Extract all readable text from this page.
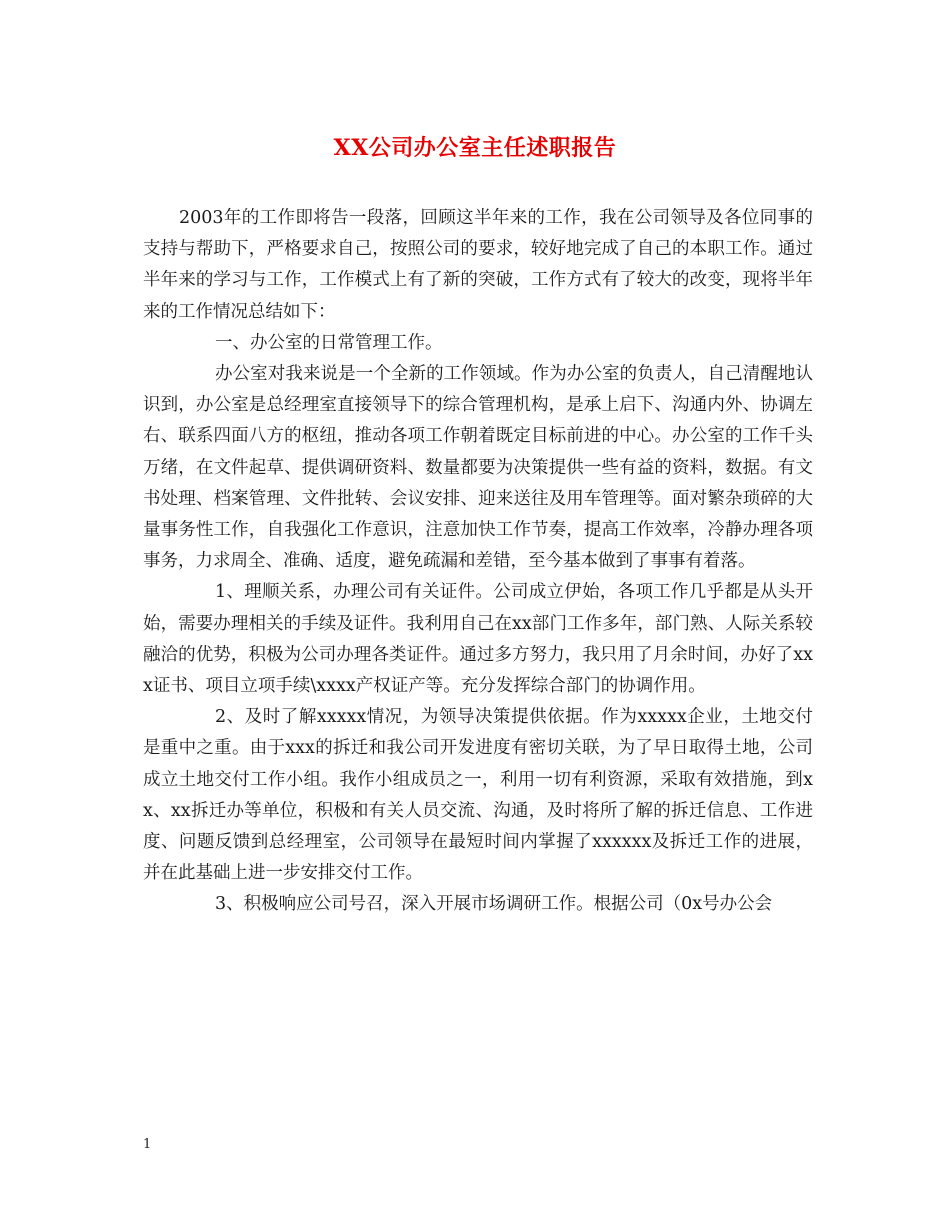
XX公司办公室主任述职报告

2003年的工作即将告一段落，回顾这半年来的工作，我在公司领导及各位同事的支持与帮助下，严格要求自己，按照公司的要求，较好地完成了自己的本职工作。通过半年来的学习与工作，工作模式上有了新的突破，工作方式有了较大的改变，现将半年来的工作情况总结如下：

一、办公室的日常管理工作。

办公室对我来说是一个全新的工作领域。作为办公室的负责人，自己清醒地认识到，办公室是总经理室直接领导下的综合管理机构，是承上启下、沟通内外、协调左右、联系四面八方的枢纽，推动各项工作朝着既定目标前进的中心。办公室的工作千头万绪，在文件起草、提供调研资料、数量都要为决策提供一些有益的资料，数据。有文书处理、档案管理、文件批转、会议安排、迎来送往及用车管理等。面对繁杂琐碎的大量事务性工作，自我强化工作意识，注意加快工作节奏，提高工作效率，冷静办理各项事务，力求周全、准确、适度，避免疏漏和差错，至今基本做到了事事有着落。

1、理顺关系，办理公司有关证件。公司成立伊始，各项工作几乎都是从头开始，需要办理相关的手续及证件。我利用自己在xx部门工作多年，部门熟、人际关系较融洽的优势，积极为公司办理各类证件。通过多方努力，我只用了月余时间，办好了xxx证书、项目立项手续\xxxx产权证产等。充分发挥综合部门的协调作用。

2、及时了解xxxxx情况，为领导决策提供依据。作为xxxxx企业，土地交付是重中之重。由于xxx的拆迁和我公司开发进度有密切关联，为了早日取得土地，公司成立土地交付工作小组。我作小组成员之一，利用一切有利资源，采取有效措施，到xx、xx拆迁办等单位，积极和有关人员交流、沟通，及时将所了解的拆迁信息、工作进度、问题反馈到总经理室，公司领导在最短时间内掌握了xxxxxx及拆迁工作的进展，并在此基础上进一步安排交付工作。

3、积极响应公司号召，深入开展市场调研工作。根据公司（0x号办公会

1
